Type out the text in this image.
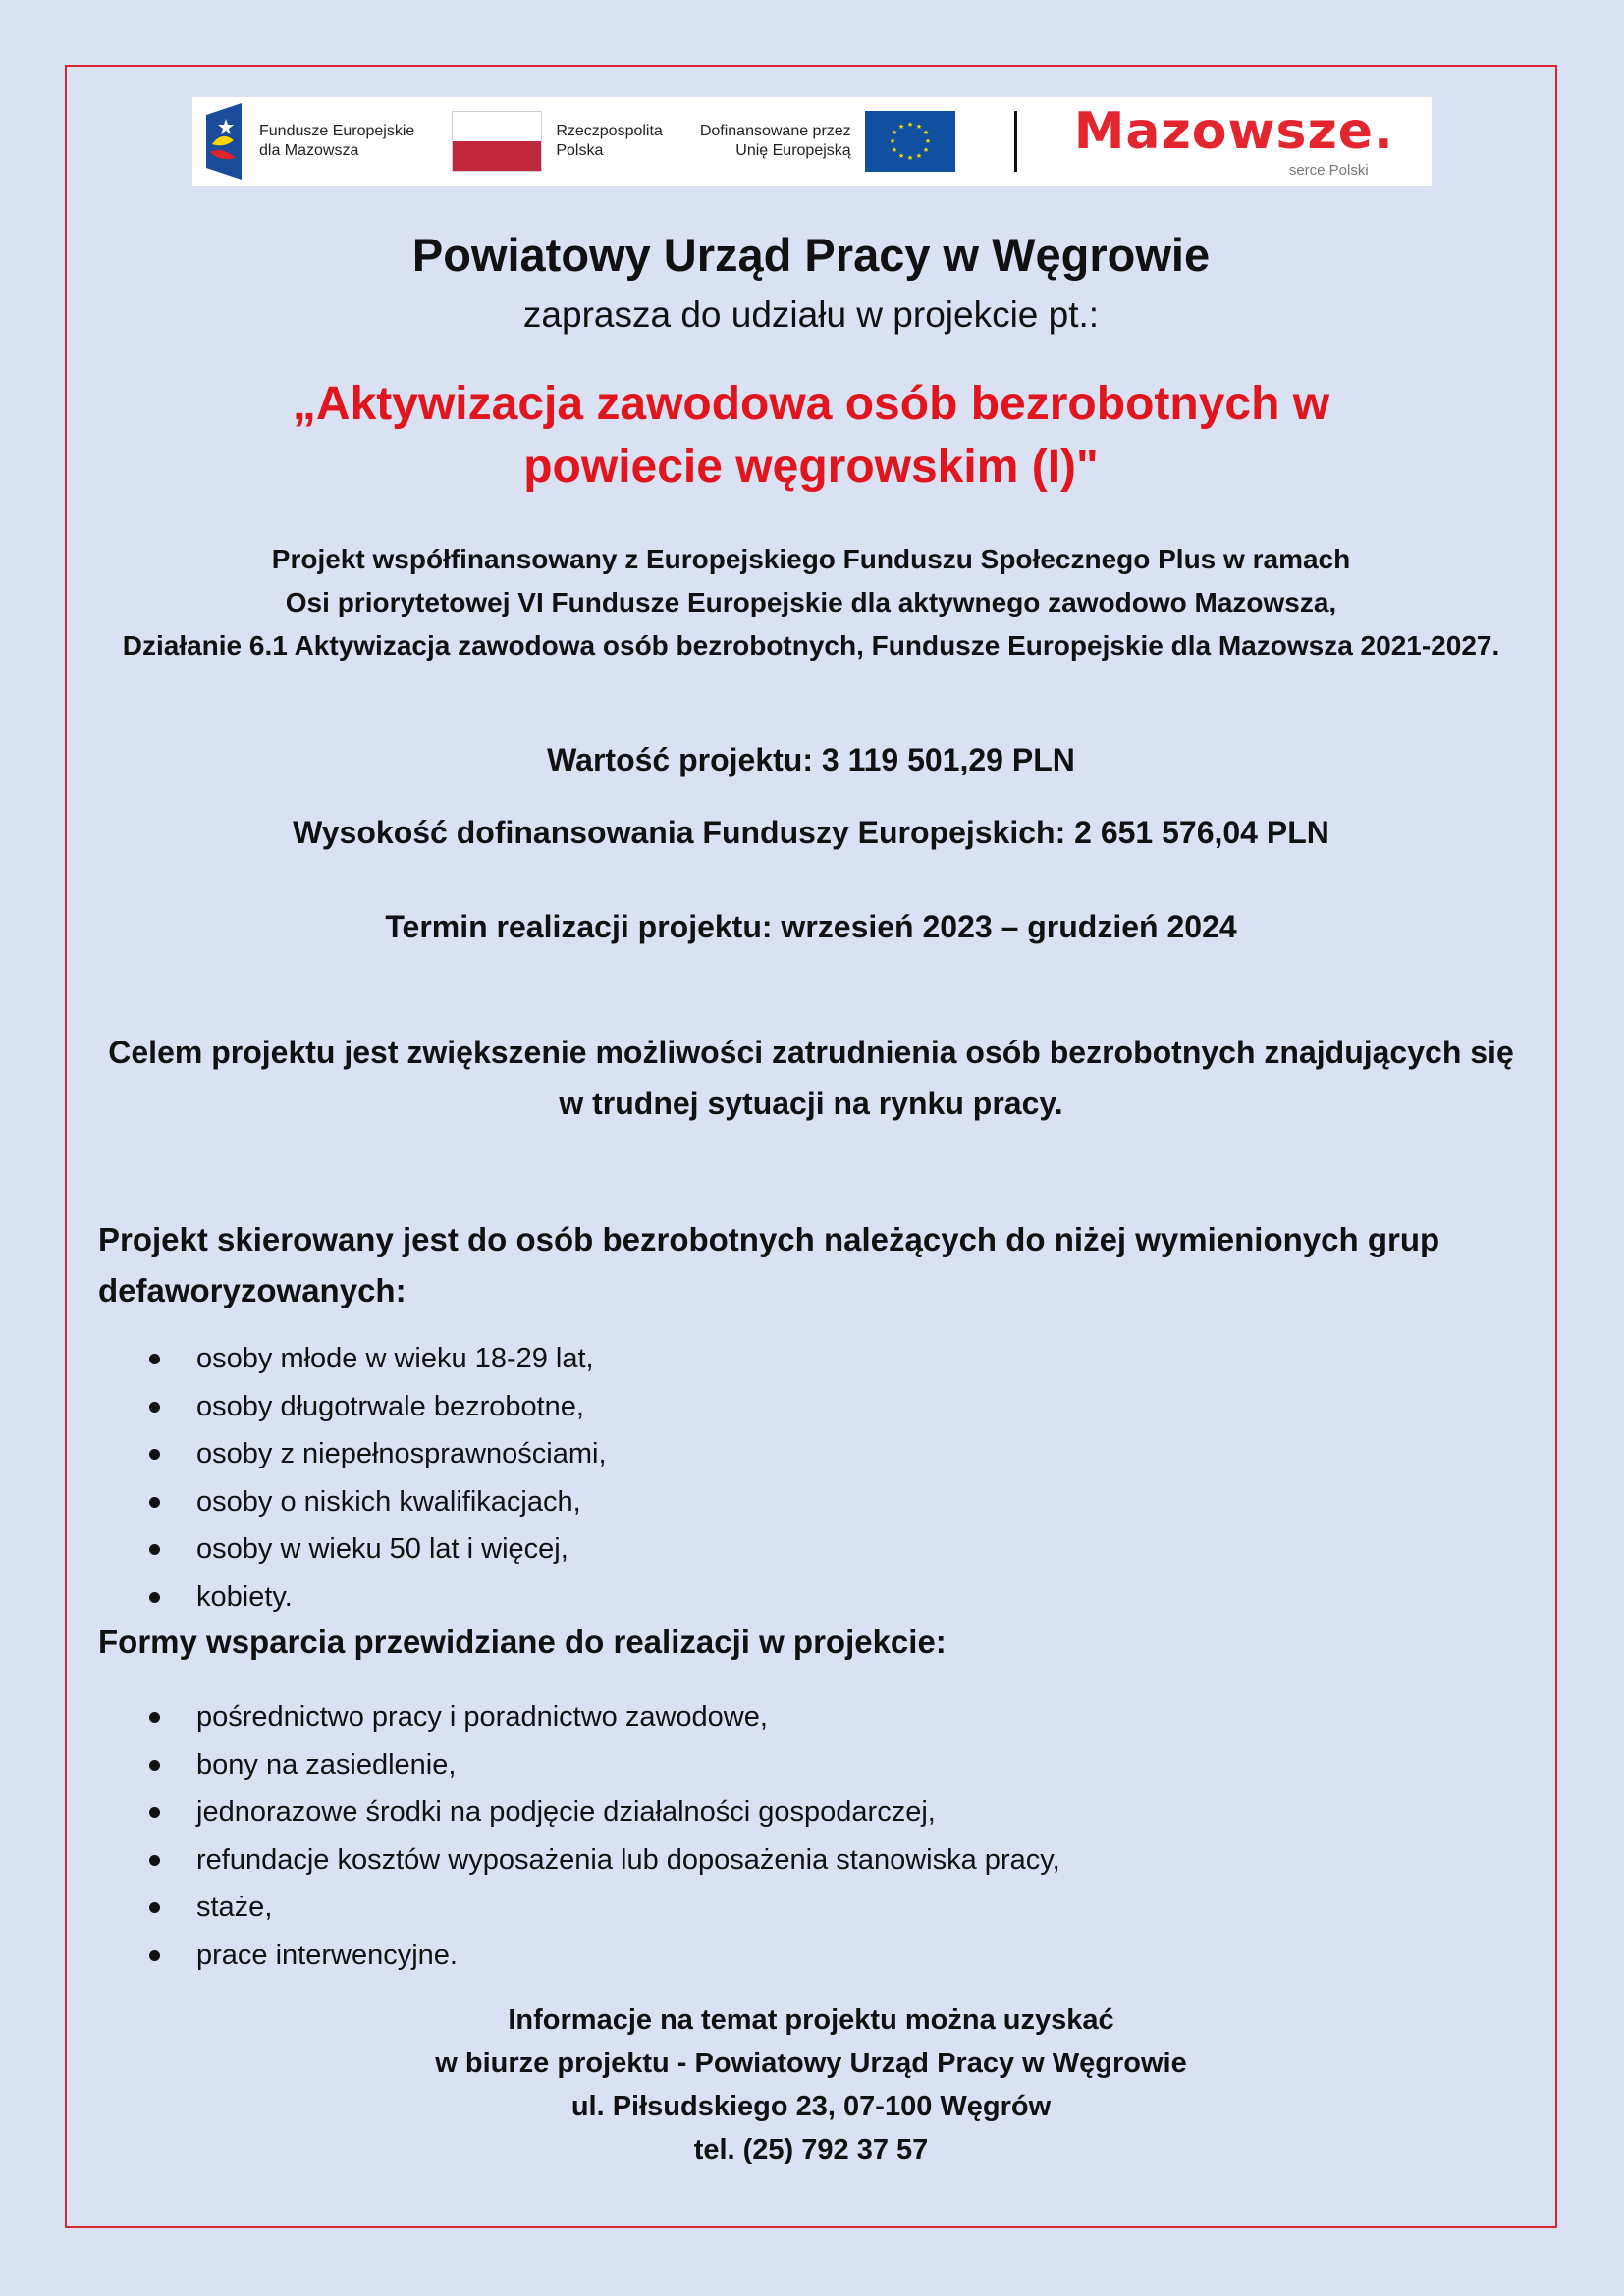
Fundusze Europejskie
dla Mazowsza
Rzeczpospolita
Polska
Dofinansowane przez
Unię Europejską
★ ★
★
★
★
★
★
★
★
★
★
★	Mazowsze.
serce Polski
Powiatowy Urząd Pracy w Węgrowie
zaprasza do udziału w projekcie pt.:
„Aktywizacja zawodowa osób bezrobotnych w powiecie węgrowskim (I)"
Projekt współfinansowany z Europejskiego Funduszu Społecznego Plus w ramach
Osi priorytetowej VI Fundusze Europejskie dla aktywnego zawodowo Mazowsza,
Działanie 6.1 Aktywizacja zawodowa osób bezrobotnych, Fundusze Europejskie dla Mazowsza 2021-2027.
Wartość projektu: 3 119 501,29 PLN
Wysokość dofinansowania Funduszy Europejskich: 2 651 576,04 PLN
Termin realizacji projektu: wrzesień 2023 – grudzień 2024
Celem projektu jest zwiększenie możliwości zatrudnienia osób bezrobotnych znajdujących się w trudnej sytuacji na rynku pracy.
Projekt skierowany jest do osób bezrobotnych należących do niżej wymienionych grup defaworyzowanych:
osoby młode w wieku 18-29 lat,
osoby długotrwale bezrobotne,
osoby z niepełnosprawnościami,
osoby o niskich kwalifikacjach,
osoby w wieku 50 lat i więcej,
kobiety.
Formy wsparcia przewidziane do realizacji w projekcie:
pośrednictwo pracy i poradnictwo zawodowe,
bony na zasiedlenie,
jednorazowe środki na podjęcie działalności gospodarczej,
refundacje kosztów wyposażenia lub doposażenia stanowiska pracy,
staże,
prace interwencyjne.
Informacje na temat projektu można uzyskać
w biurze projektu - Powiatowy Urząd Pracy w Węgrowie
ul. Piłsudskiego 23, 07-100 Węgrów
tel. (25) 792 37 57
